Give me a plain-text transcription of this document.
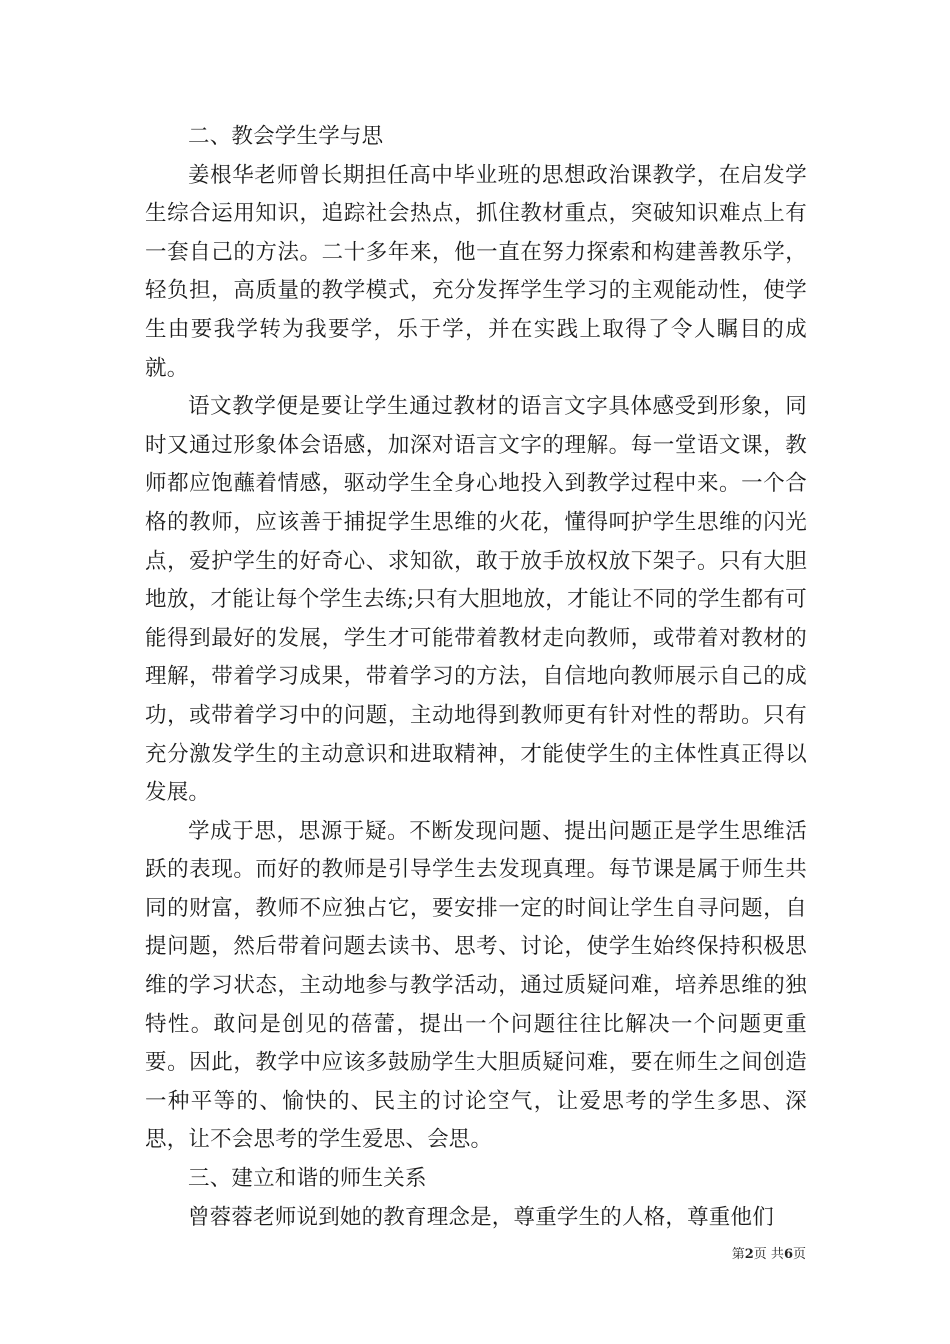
二、教会学生学与思

姜根华老师曾长期担任高中毕业班的思想政治课教学，在启发学生综合运用知识，追踪社会热点，抓住教材重点，突破知识难点上有一套自己的方法。二十多年来，他一直在努力探索和构建善教乐学，轻负担，高质量的教学模式，充分发挥学生学习的主观能动性，使学生由要我学转为我要学，乐于学，并在实践上取得了令人瞩目的成就。

语文教学便是要让学生通过教材的语言文字具体感受到形象，同时又通过形象体会语感，加深对语言文字的理解。每一堂语文课，教师都应饱蘸着情感，驱动学生全身心地投入到教学过程中来。一个合格的教师，应该善于捕捉学生思维的火花，懂得呵护学生思维的闪光点，爱护学生的好奇心、求知欲，敢于放手放权放下架子。只有大胆地放，才能让每个学生去练;只有大胆地放，才能让不同的学生都有可能得到最好的发展，学生才可能带着教材走向教师，或带着对教材的理解，带着学习成果，带着学习的方法，自信地向教师展示自己的成功，或带着学习中的问题，主动地得到教师更有针对性的帮助。只有充分激发学生的主动意识和进取精神，才能使学生的主体性真正得以发展。

学成于思，思源于疑。不断发现问题、提出问题正是学生思维活跃的表现。而好的教师是引导学生去发现真理。每节课是属于师生共同的财富，教师不应独占它，要安排一定的时间让学生自寻问题，自提问题，然后带着问题去读书、思考、讨论，使学生始终保持积极思维的学习状态，主动地参与教学活动，通过质疑问难，培养思维的独特性。敢问是创见的蓓蕾，提出一个问题往往比解决一个问题更重要。因此，教学中应该多鼓励学生大胆质疑问难，要在师生之间创造一种平等的、愉快的、民主的讨论空气，让爱思考的学生多思、深思，让不会思考的学生爱思、会思。

三、建立和谐的师生关系

曾蓉蓉老师说到她的教育理念是，尊重学生的人格，尊重他们

第2页 共6页
